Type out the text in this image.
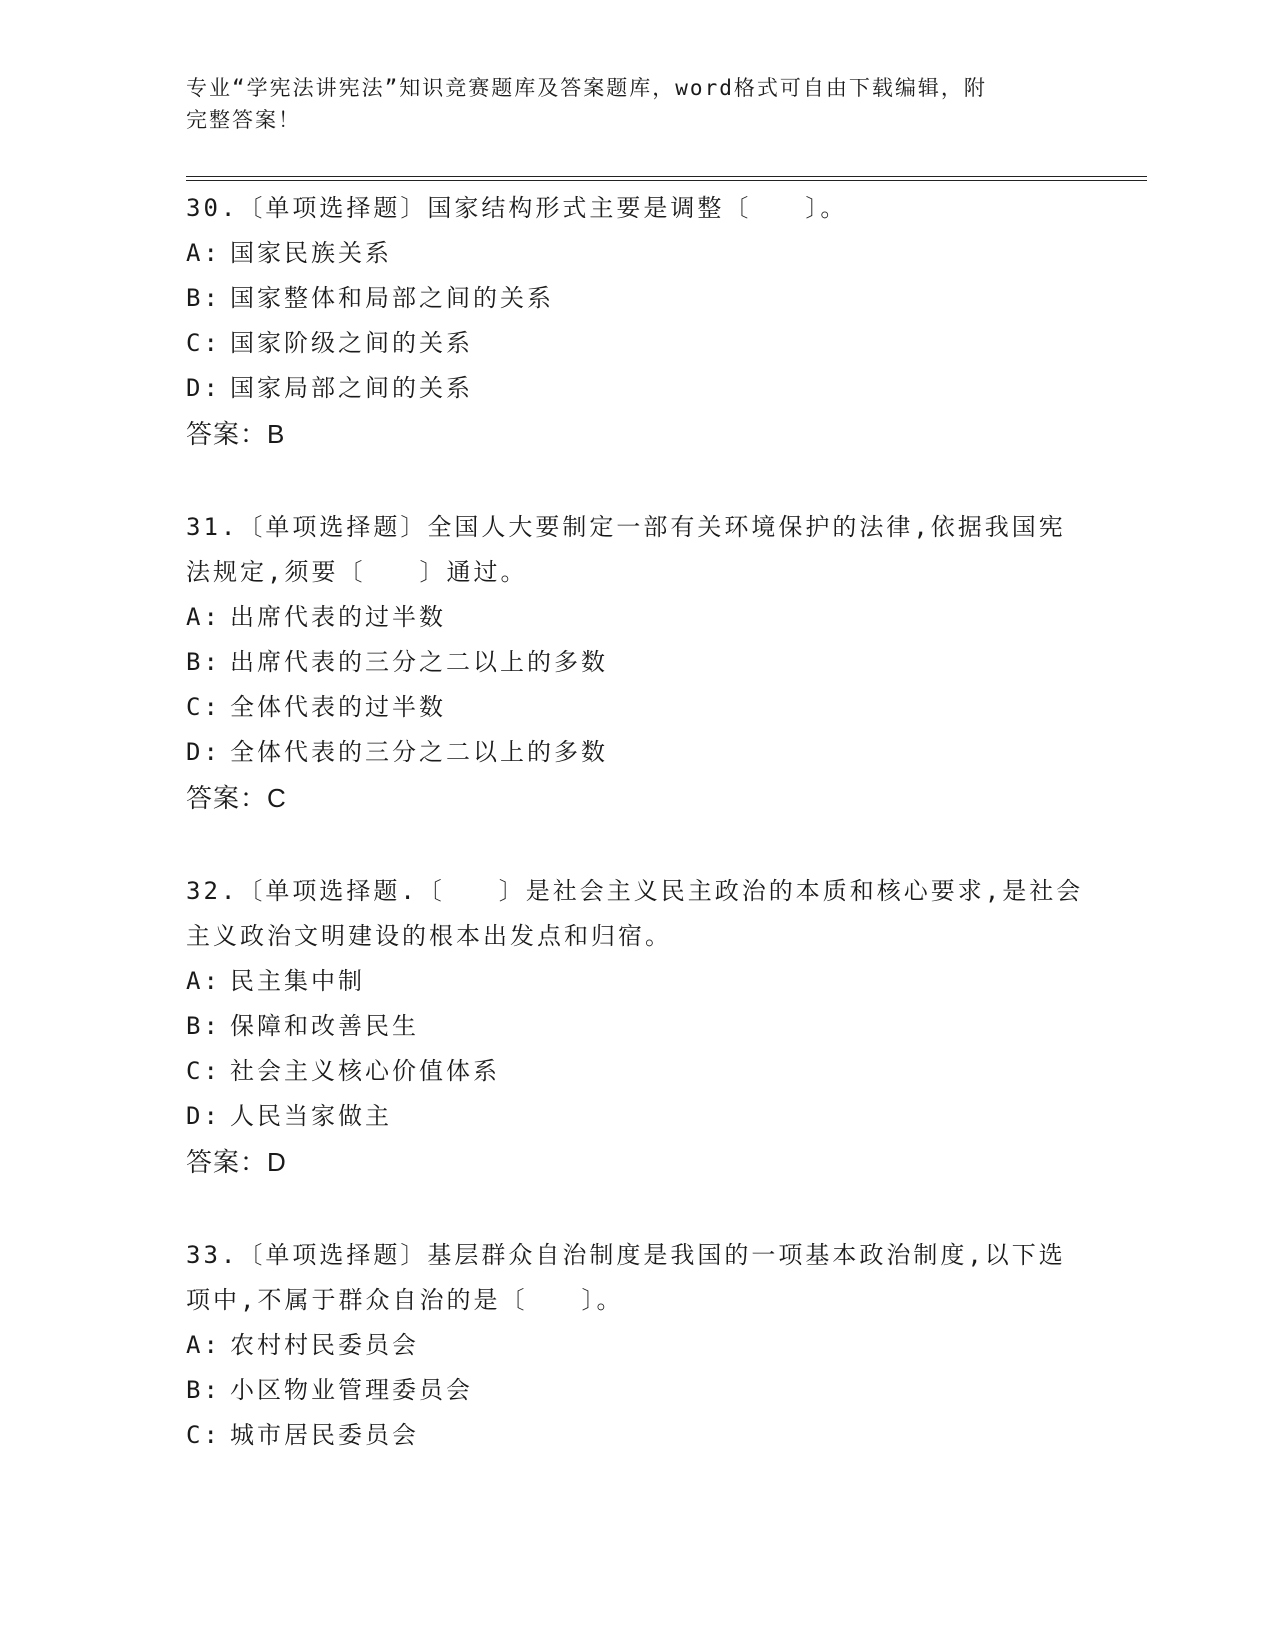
专业“学宪法讲宪法”知识竞赛题库及答案题库，word格式可自由下载编辑，附
完整答案！
30.〔单项选择题〕国家结构形式主要是调整〔　　〕。
A: 国家民族关系
B: 国家整体和局部之间的关系
C: 国家阶级之间的关系
D: 国家局部之间的关系
答案：B
31.〔单项选择题〕全国人大要制定一部有关环境保护的法律,依据我国宪法规定,须要〔　　〕通过。
A: 出席代表的过半数
B: 出席代表的三分之二以上的多数
C: 全体代表的过半数
D: 全体代表的三分之二以上的多数
答案：C
32.〔单项选择题.〔　　〕是社会主义民主政治的本质和核心要求,是社会主义政治文明建设的根本出发点和归宿。
A: 民主集中制
B: 保障和改善民生
C: 社会主义核心价值体系
D: 人民当家做主
答案：D
33.〔单项选择题〕基层群众自治制度是我国的一项基本政治制度,以下选项中,不属于群众自治的是〔　　〕。
A: 农村村民委员会
B: 小区物业管理委员会
C: 城市居民委员会
